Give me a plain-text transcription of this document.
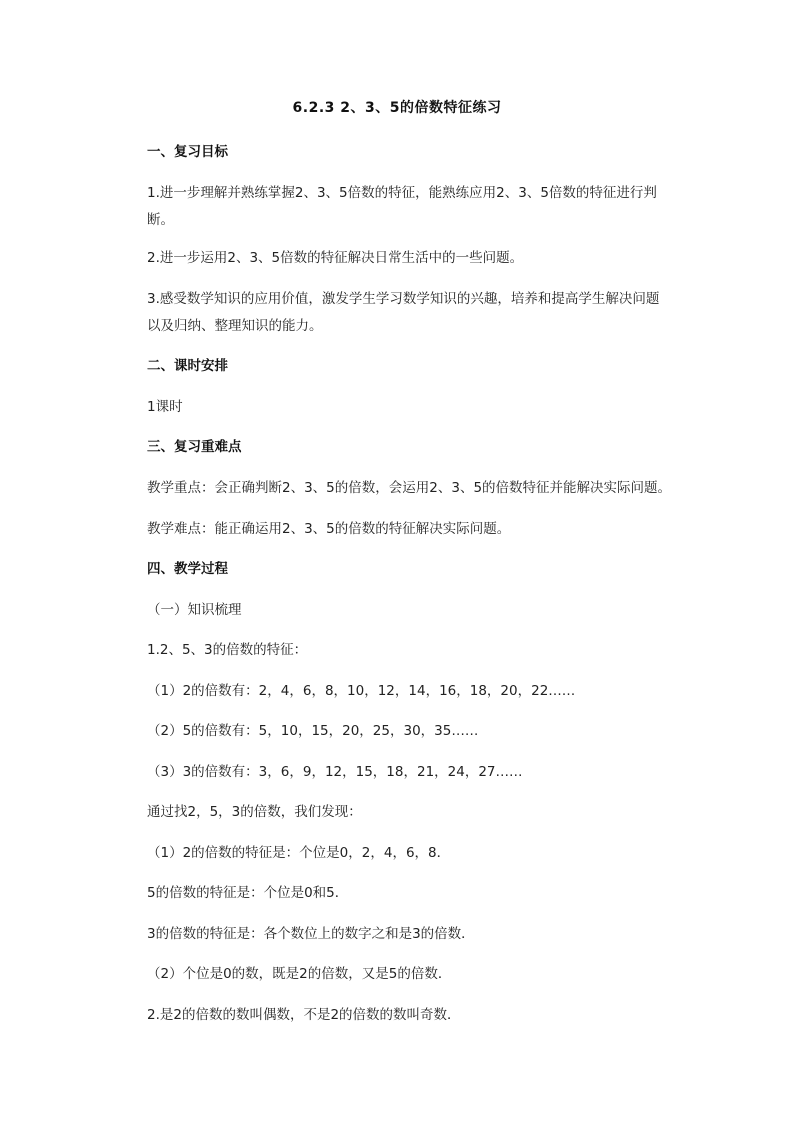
6.2.3 2、3、5的倍数特征练习
一、复习目标
1.进一步理解并熟练掌握2、3、5倍数的特征，能熟练应用2、3、5倍数的特征进行判断。
2.进一步运用2、3、5倍数的特征解决日常生活中的一些问题。
3.感受数学知识的应用价值，激发学生学习数学知识的兴趣，培养和提高学生解决问题以及归纳、整理知识的能力。
二、课时安排
1课时
三、复习重难点
教学重点：会正确判断2、3、5的倍数，会运用2、3、5的倍数特征并能解决实际问题。
教学难点：能正确运用2、3、5的倍数的特征解决实际问题。
四、教学过程
（一）知识梳理
1.2、5、3的倍数的特征：
（1）2的倍数有：2，4，6，8，10，12，14，16，18，20，22……
（2）5的倍数有：5，10，15，20，25，30，35……
（3）3的倍数有：3，6，9，12，15，18，21，24，27……
通过找2，5，3的倍数，我们发现：
（1）2的倍数的特征是：个位是0，2，4，6，8．
5的倍数的特征是：个位是0和5．
3的倍数的特征是：各个数位上的数字之和是3的倍数．
（2）个位是0的数，既是2的倍数，又是5的倍数．
2.是2的倍数的数叫偶数，不是2的倍数的数叫奇数．
